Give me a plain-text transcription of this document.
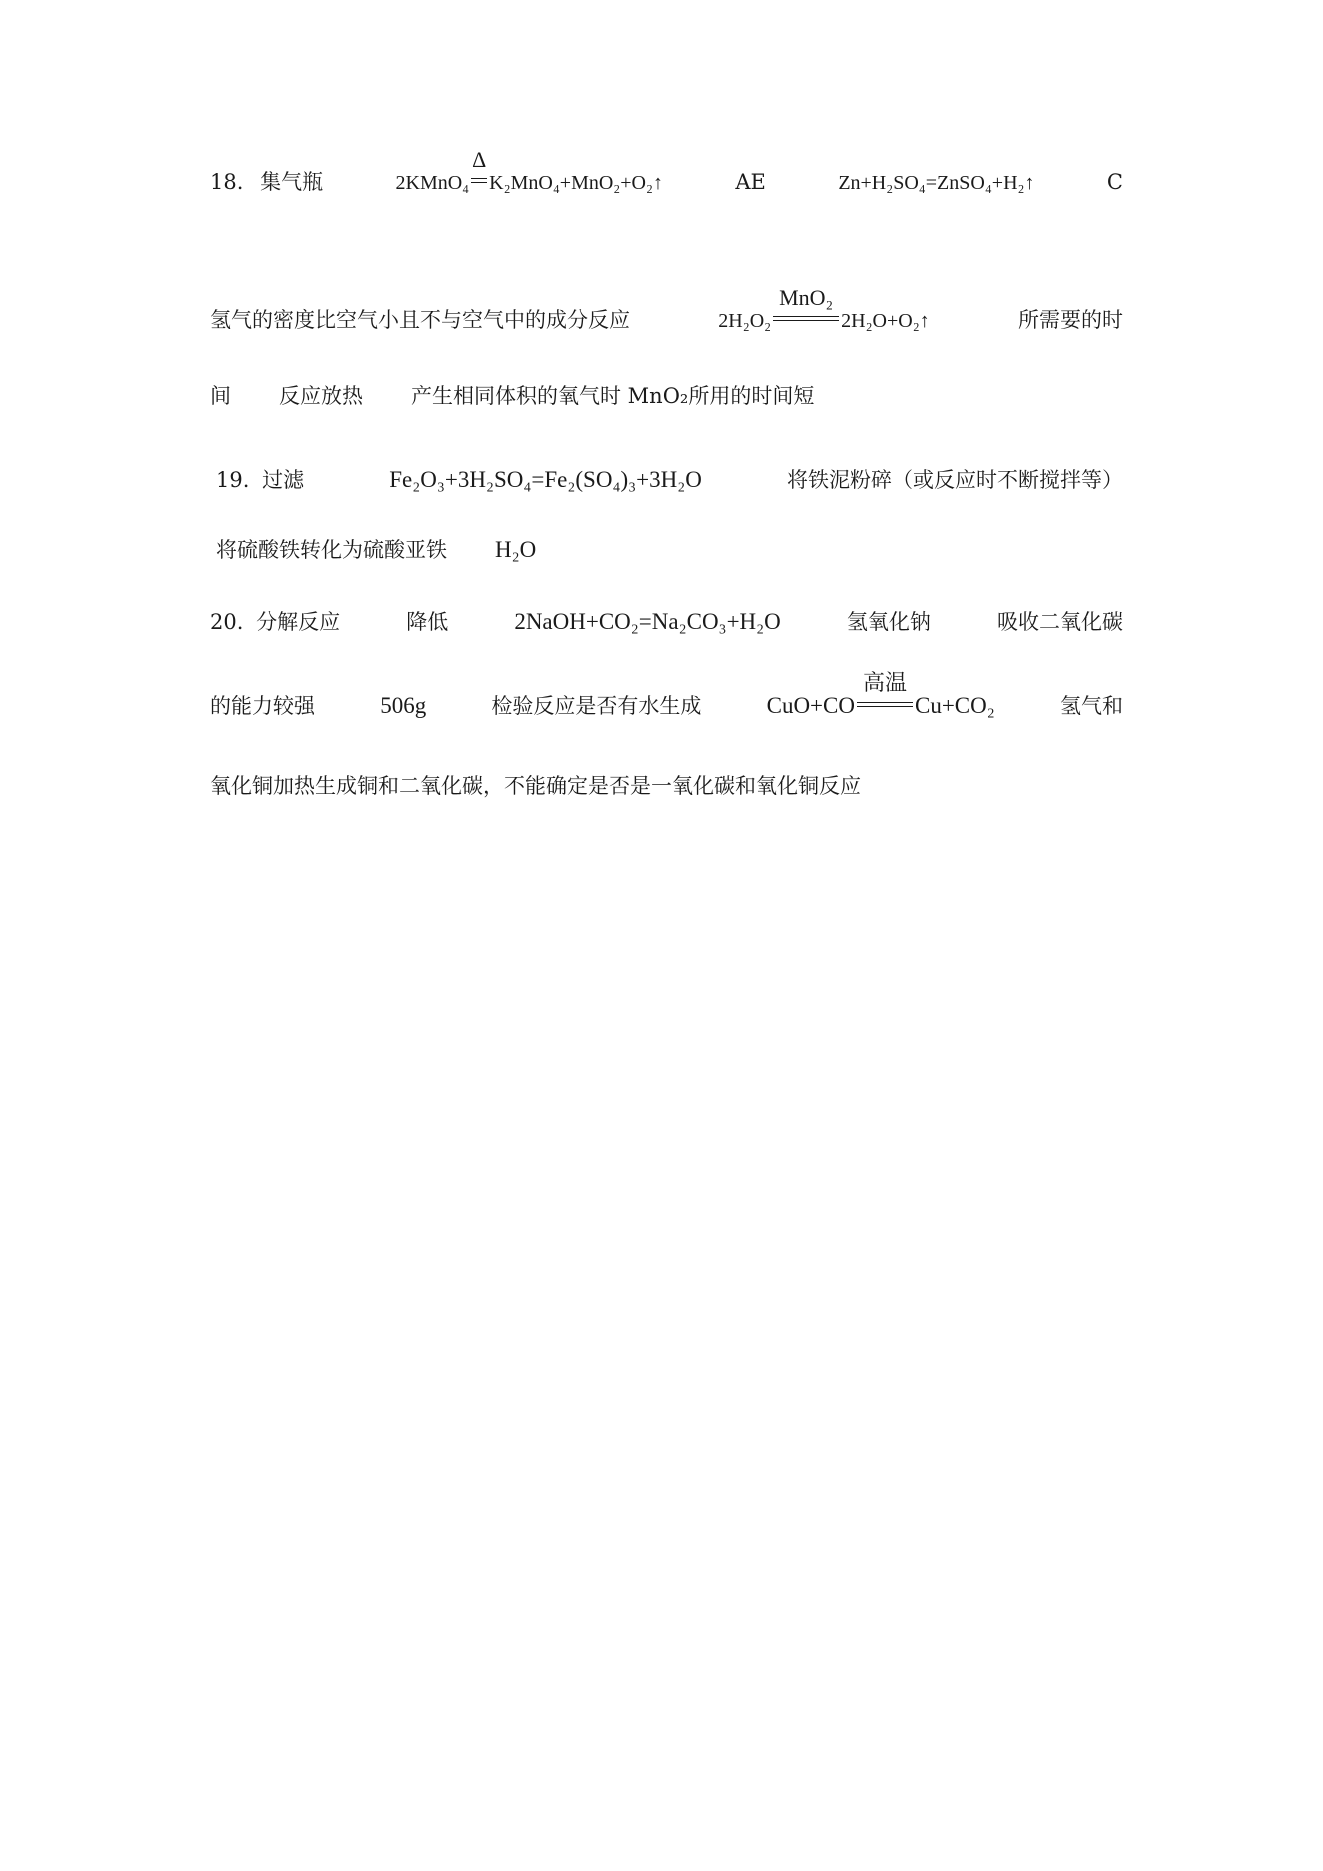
18. 集气瓶	2KMnO₄
Δ
K₂MnO₄+MnO₂+O₂↑	AE	Zn+H₂SO₄=ZnSO₄+H₂↑	C
氢气的密度比空气小且不与空气中的成分反应	2H₂O₂
MnO₂
2H₂O+O₂↑	所需要的时
间 反应放热 产生相同体积的氧气时 MnO₂所用的时间短
19. 过滤	Fe₂O₃+3H₂SO₄=Fe₂(SO₄)₃+3H₂O	将铁泥粉碎（或反应时不断搅拌等）
将硫酸铁转化为硫酸亚铁 H₂O
20. 分解反应	降低	2NaOH+CO₂=Na₂CO₃+H₂O	氢氧化钠	吸收二氧化碳
的能力较强	506g	检验反应是否有水生成	CuO+CO
高温
Cu+CO₂	氢气和
氧化铜加热生成铜和二氧化碳，不能确定是否是一氧化碳和氧化铜反应
